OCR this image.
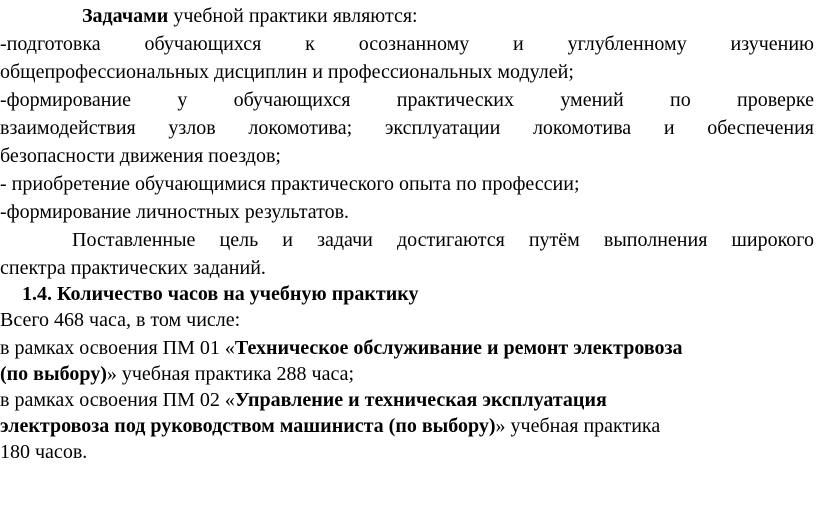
Задачами учебной практики являются:
-подготовка обучающихся к осознанному и углубленному изучению
общепрофессиональных дисциплин и профессиональных модулей;
-формирование у обучающихся практических умений по проверке
взаимодействия узлов локомотива; эксплуатации локомотива и обеспечения
безопасности движения поездов;
- приобретение обучающимися практического опыта по профессии;
-формирование личностных результатов.
Поставленные цель и задачи достигаются путём выполнения широкого
спектра практических заданий.
1.4. Количество часов на учебную практику
Всего 468 часа, в том числе:
в рамках освоения ПМ 01 «Техническое обслуживание и ремонт электровоза
(по выбору)» учебная практика 288 часа;
в рамках освоения ПМ 02 «Управление и техническая эксплуатация
электровоза под руководством машиниста (по выбору)» учебная практика
180 часов.
